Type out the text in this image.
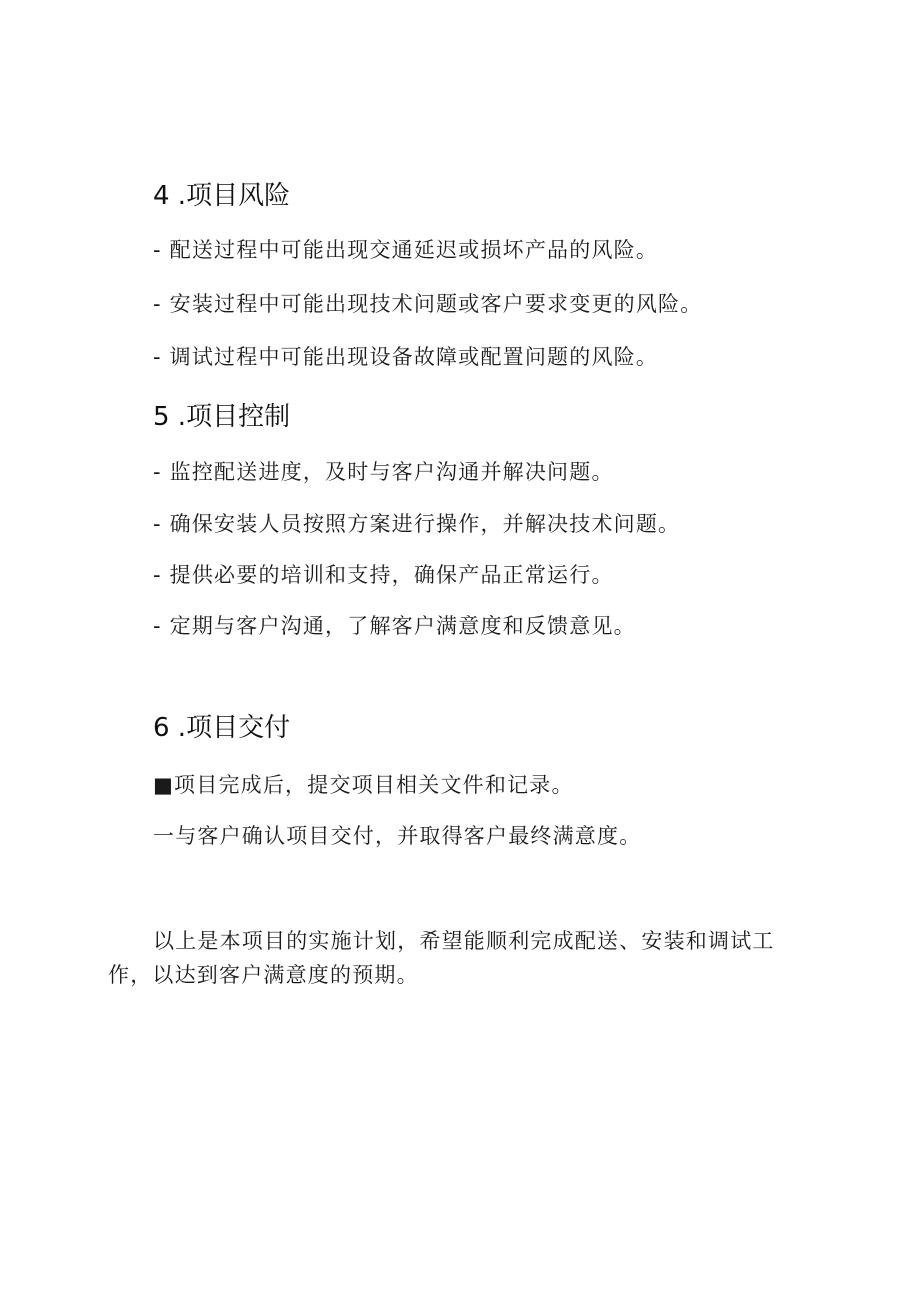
4 .项目风险
- 配送过程中可能出现交通延迟或损坏产品的风险。
- 安装过程中可能出现技术问题或客户要求变更的风险。
- 调试过程中可能出现设备故障或配置问题的风险。
5 .项目控制
- 监控配送进度，及时与客户沟通并解决问题。
- 确保安装人员按照方案进行操作，并解决技术问题。
- 提供必要的培训和支持，确保产品正常运行。
- 定期与客户沟通，了解客户满意度和反馈意见。
6 .项目交付
■项目完成后，提交项目相关文件和记录。
一与客户确认项目交付，并取得客户最终满意度。
以上是本项目的实施计划，希望能顺利完成配送、安装和调试工作，以达到客户满意度的预期。
